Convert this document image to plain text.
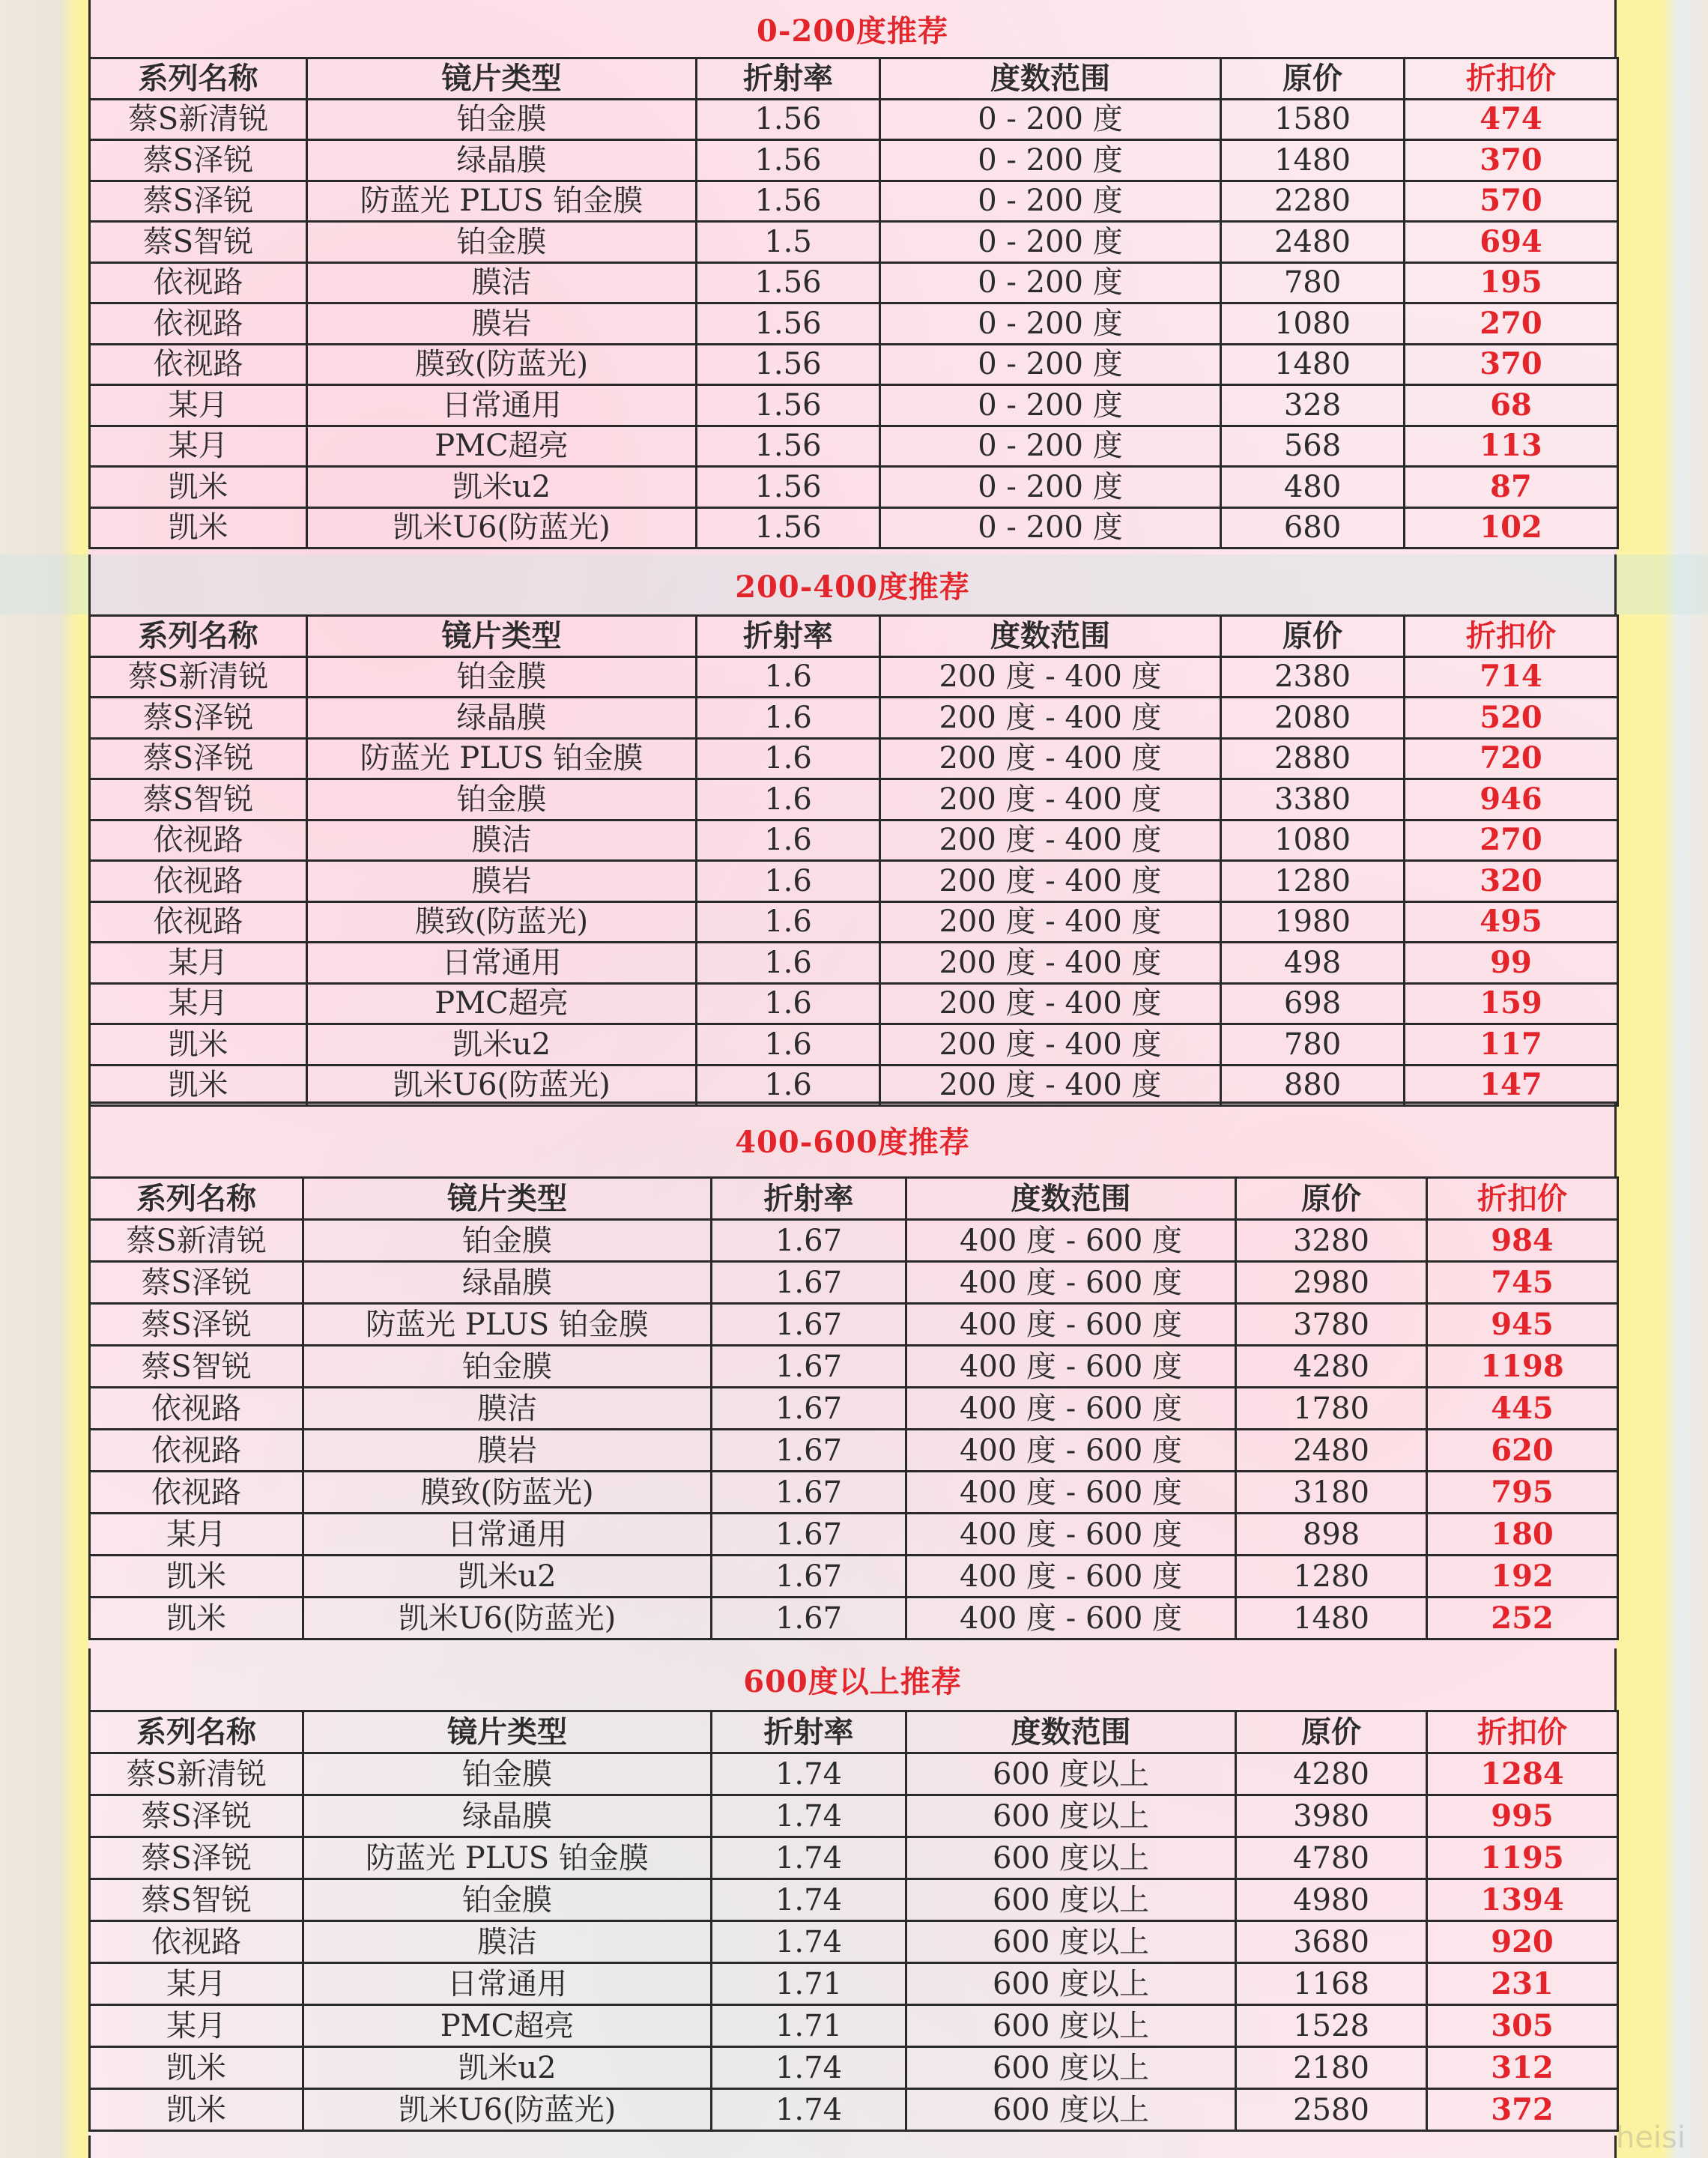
0-200度推荐
系列名称	镜片类型	折射率	度数范围	原价	折扣价
蔡S新清锐	铂金膜	1.56	0 - 200 度	1580	474
蔡S泽锐	绿晶膜	1.56	0 - 200 度	1480	370
蔡S泽锐	防蓝光 PLUS 铂金膜	1.56	0 - 200 度	2280	570
蔡S智锐	铂金膜	1.5	0 - 200 度	2480	694
依视路	膜洁	1.56	0 - 200 度	780	195
依视路	膜岩	1.56	0 - 200 度	1080	270
依视路	膜致(防蓝光)	1.56	0 - 200 度	1480	370
某月	日常通用	1.56	0 - 200 度	328	68
某月	PMC超亮	1.56	0 - 200 度	568	113
凯米	凯米u2	1.56	0 - 200 度	480	87
凯米	凯米U6(防蓝光)	1.56	0 - 200 度	680	102
200-400度推荐
系列名称	镜片类型	折射率	度数范围	原价	折扣价
蔡S新清锐	铂金膜	1.6	200 度 - 400 度	2380	714
蔡S泽锐	绿晶膜	1.6	200 度 - 400 度	2080	520
蔡S泽锐	防蓝光 PLUS 铂金膜	1.6	200 度 - 400 度	2880	720
蔡S智锐	铂金膜	1.6	200 度 - 400 度	3380	946
依视路	膜洁	1.6	200 度 - 400 度	1080	270
依视路	膜岩	1.6	200 度 - 400 度	1280	320
依视路	膜致(防蓝光)	1.6	200 度 - 400 度	1980	495
某月	日常通用	1.6	200 度 - 400 度	498	99
某月	PMC超亮	1.6	200 度 - 400 度	698	159
凯米	凯米u2	1.6	200 度 - 400 度	780	117
凯米	凯米U6(防蓝光)	1.6	200 度 - 400 度	880	147
400-600度推荐
系列名称	镜片类型	折射率	度数范围	原价	折扣价
蔡S新清锐	铂金膜	1.67	400 度 - 600 度	3280	984
蔡S泽锐	绿晶膜	1.67	400 度 - 600 度	2980	745
蔡S泽锐	防蓝光 PLUS 铂金膜	1.67	400 度 - 600 度	3780	945
蔡S智锐	铂金膜	1.67	400 度 - 600 度	4280	1198
依视路	膜洁	1.67	400 度 - 600 度	1780	445
依视路	膜岩	1.67	400 度 - 600 度	2480	620
依视路	膜致(防蓝光)	1.67	400 度 - 600 度	3180	795
某月	日常通用	1.67	400 度 - 600 度	898	180
凯米	凯米u2	1.67	400 度 - 600 度	1280	192
凯米	凯米U6(防蓝光)	1.67	400 度 - 600 度	1480	252
600度以上推荐
系列名称	镜片类型	折射率	度数范围	原价	折扣价
蔡S新清锐	铂金膜	1.74	600 度以上	4280	1284
蔡S泽锐	绿晶膜	1.74	600 度以上	3980	995
蔡S泽锐	防蓝光 PLUS 铂金膜	1.74	600 度以上	4780	1195
蔡S智锐	铂金膜	1.74	600 度以上	4980	1394
依视路	膜洁	1.74	600 度以上	3680	920
某月	日常通用	1.71	600 度以上	1168	231
某月	PMC超亮	1.71	600 度以上	1528	305
凯米	凯米u2	1.74	600 度以上	2180	312
凯米	凯米U6(防蓝光)	1.74	600 度以上	2580	372
heisi
